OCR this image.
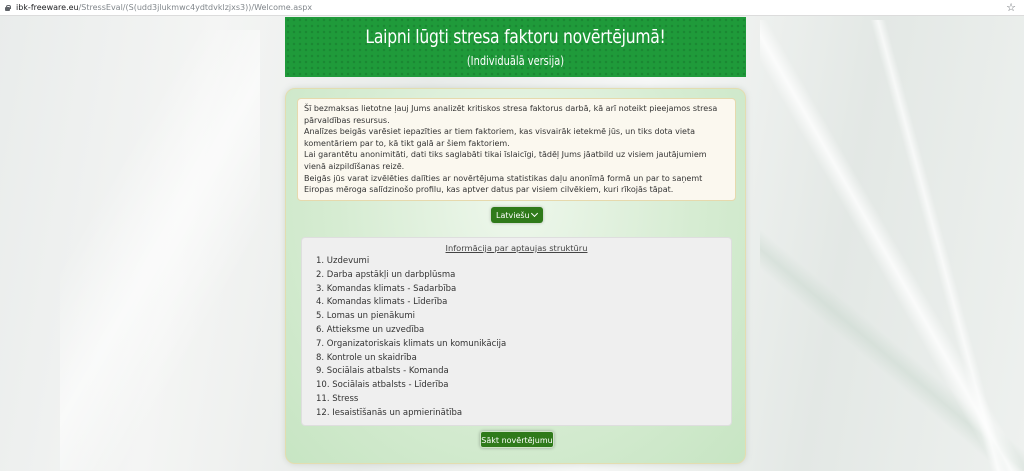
ibk-freeware.eu /StressEval/(S(udd3jlukmwc4ydtdvklzjxs3))/Welcome.aspx	☆
Laipni lūgti stresa faktoru novērtējumā!
(Individuālā versija)
Šī bezmaksas lietotne ļauj Jums analizēt kritiskos stresa faktorus darbā, kā arī noteikt pieejamos stresa pārvaldības resursus.
Analīzes beigās varēsiet iepazīties ar tiem faktoriem, kas visvairāk ietekmē jūs, un tiks dota vieta komentāriem par to, kā tikt galā ar šiem faktoriem.
Lai garantētu anonimitāti, dati tiks saglabāti tikai īslaicīgi, tādēļ Jums jāatbild uz visiem jautājumiem vienā aizpildīšanas reizē.
Beigās jūs varat izvēlēties dalīties ar novērtējuma statistikas daļu anonīmā formā un par to saņemt Eiropas mēroga salīdzinošo profilu, kas aptver datus par visiem cilvēkiem, kuri rīkojās tāpat.
Latviešu
Informācija par aptaujas struktūru
1. Uzdevumi
2. Darba apstākļi un darbplūsma
3. Komandas klimats - Sadarbība
4. Komandas klimats - Līderība
5. Lomas un pienākumi
6. Attieksme un uzvedība
7. Organizatoriskais klimats un komunikācija
8. Kontrole un skaidrība
9. Sociālais atbalsts - Komanda
10. Sociālais atbalsts - Līderība
11. Stress
12. Iesaistīšanās un apmierinātība
Sākt novērtējumu
